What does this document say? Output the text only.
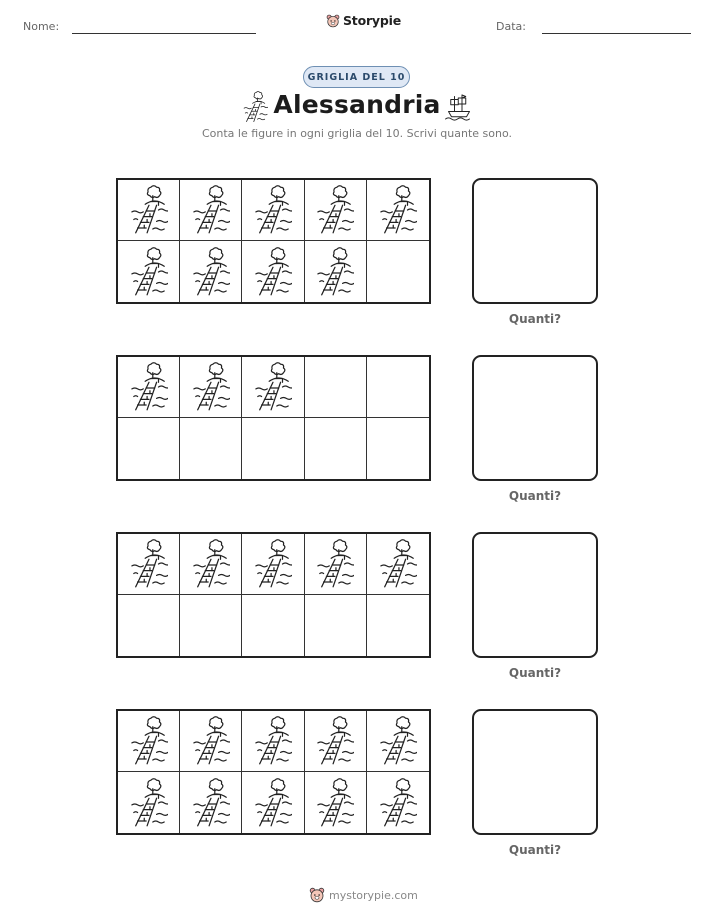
Nome:	Storypie	Data:
GRIGLIA DEL 10
Alessandria
Conta le figure in ogni griglia del 10. Scrivi quante sono.
Quanti?
Quanti?
Quanti?
Quanti?
mystorypie.com
